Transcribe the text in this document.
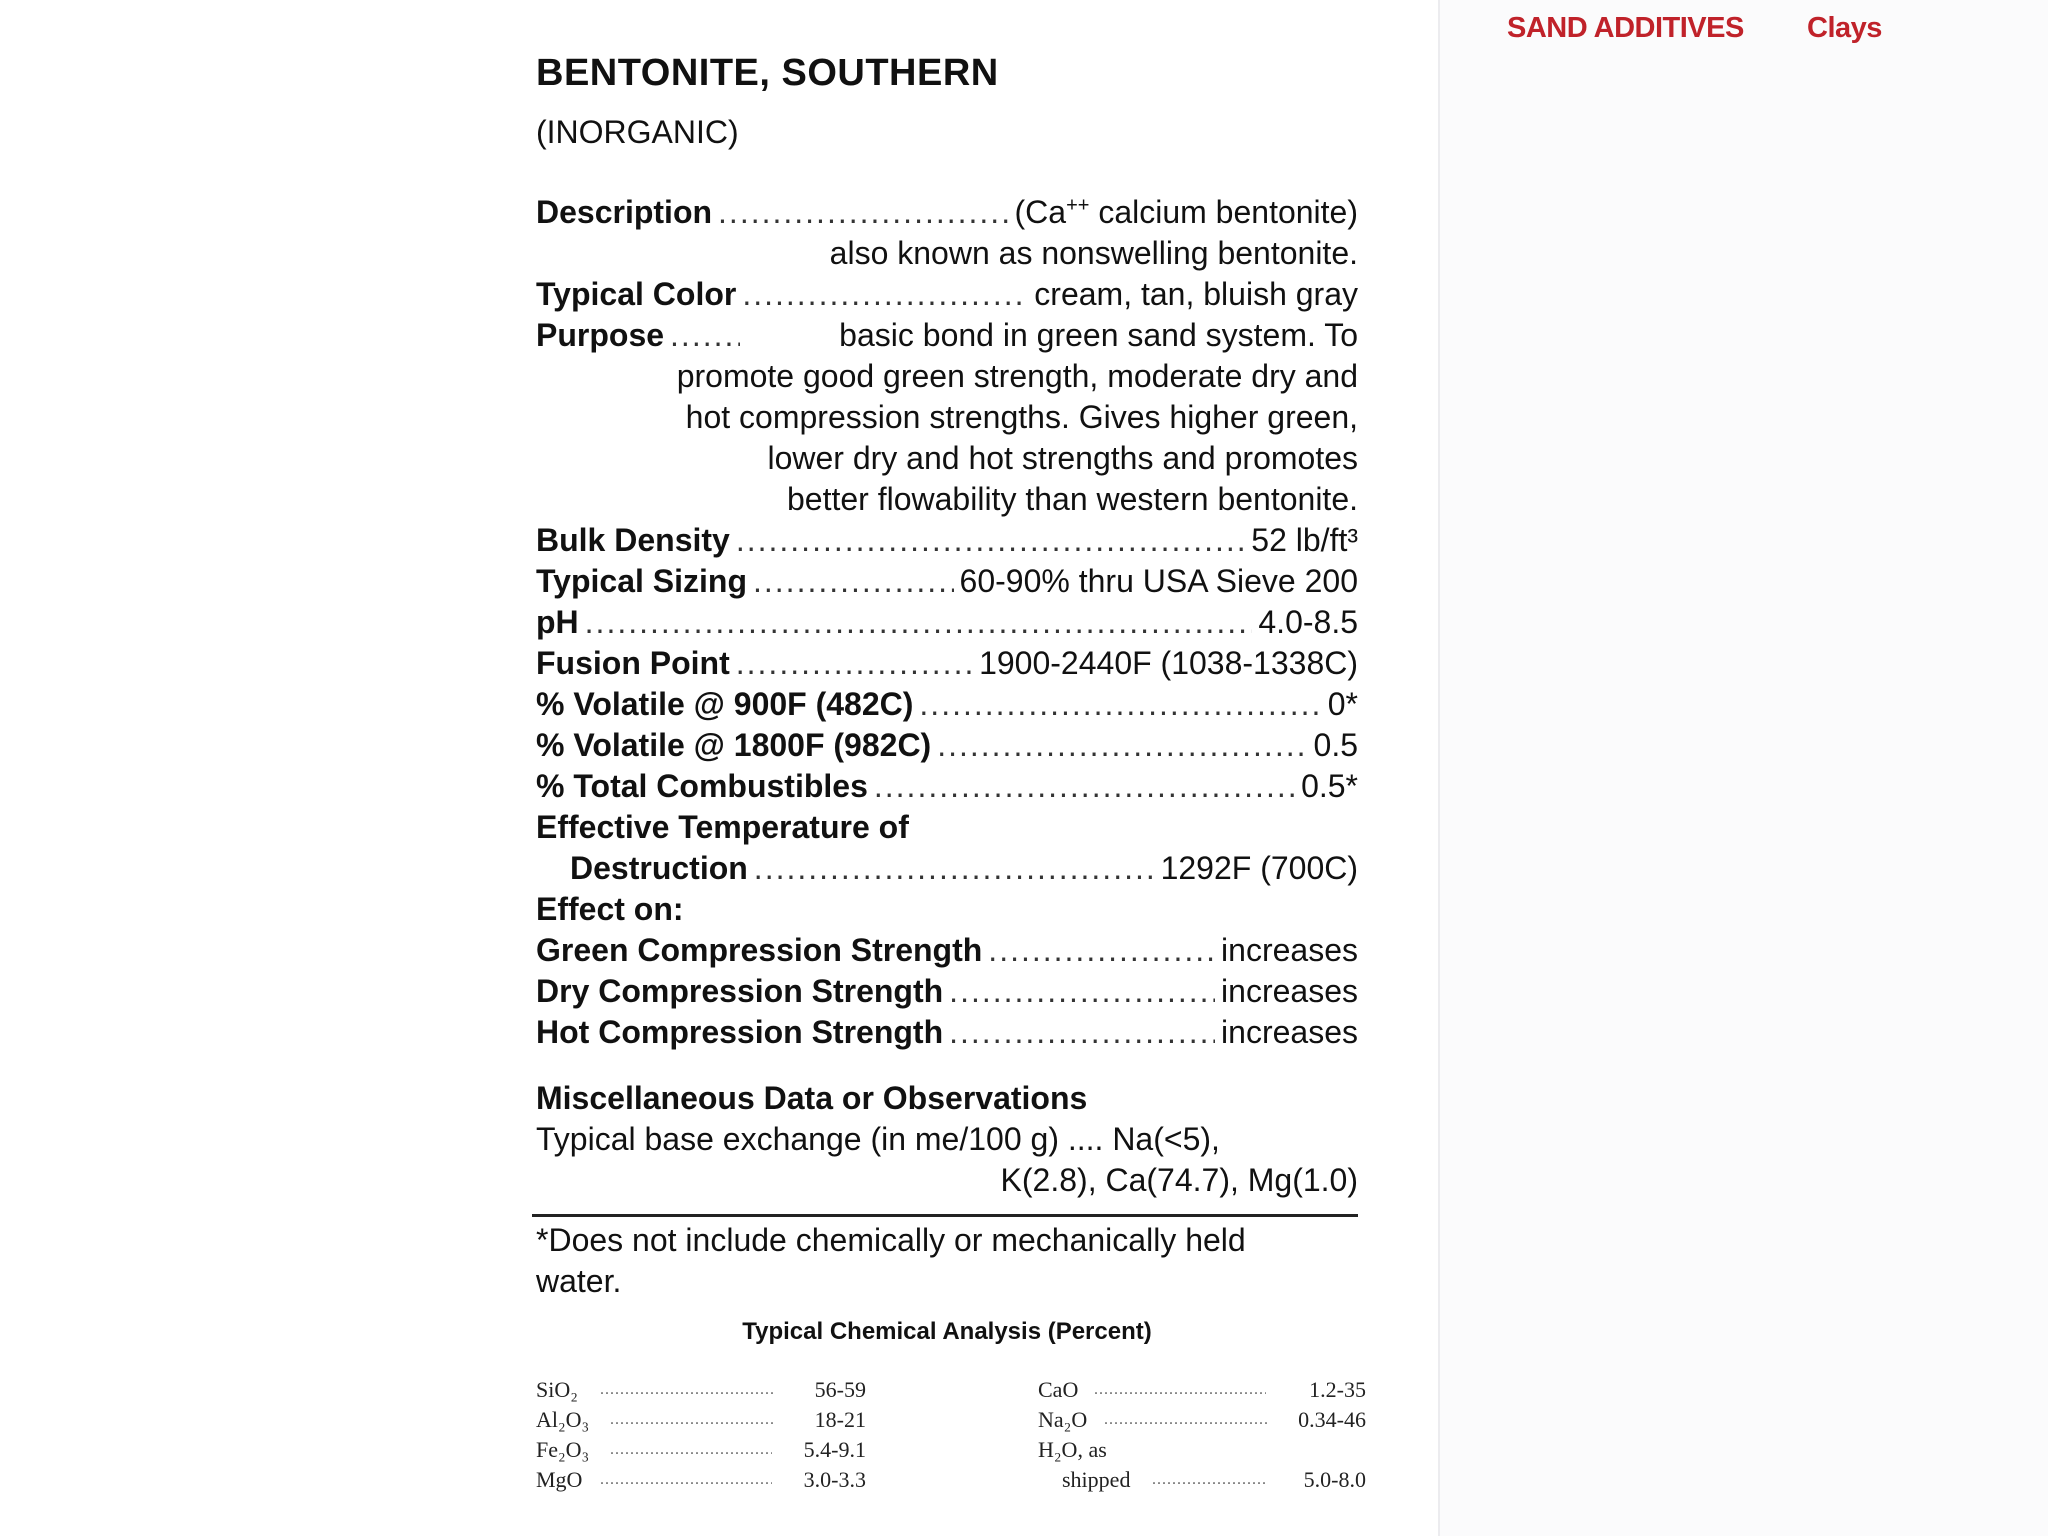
SAND ADDITIVES Clays
BENTONITE, SOUTHERN
(INORGANIC)
Description .....	(Ca++ calcium bentonite)
also known as nonswelling bentonite.
Typical Color .....	cream, tan, bluish gray
Purpose .....	basic bond in green sand system. To
promote good green strength, moderate dry and
hot compression strengths. Gives higher green,
lower dry and hot strengths and promotes
better flowability than western bentonite.
Bulk Density .....	52 lb/ft³
Typical Sizing .....	60-90% thru USA Sieve 200
pH .....	4.0-8.5
Fusion Point .....	1900-2440F (1038-1338C)
% Volatile @ 900F (482C) .....	0*
% Volatile @ 1800F (982C) .....	0.5
% Total Combustibles .....	0.5*
Effective Temperature of
Destruction .....	1292F (700C)
Effect on:
Green Compression Strength .....	increases
Dry Compression Strength .....	increases
Hot Compression Strength .....	increases
Miscellaneous Data or Observations
Typical base exchange (in me/100 g) .... Na(<5),
K(2.8), Ca(74.7), Mg(1.0)
*Does not include chemically or mechanically held
water.
Typical Chemical Analysis (Percent)
SiO₂ .....	56-59
Al₂O₃ .....	18-21
Fe₂O₃ .....	5.4-9.1
MgO .....	3.0-3.3
CaO .....	1.2-35
Na₂O .....	0.34-46
H₂O, as
shipped .....	5.0-8.0
